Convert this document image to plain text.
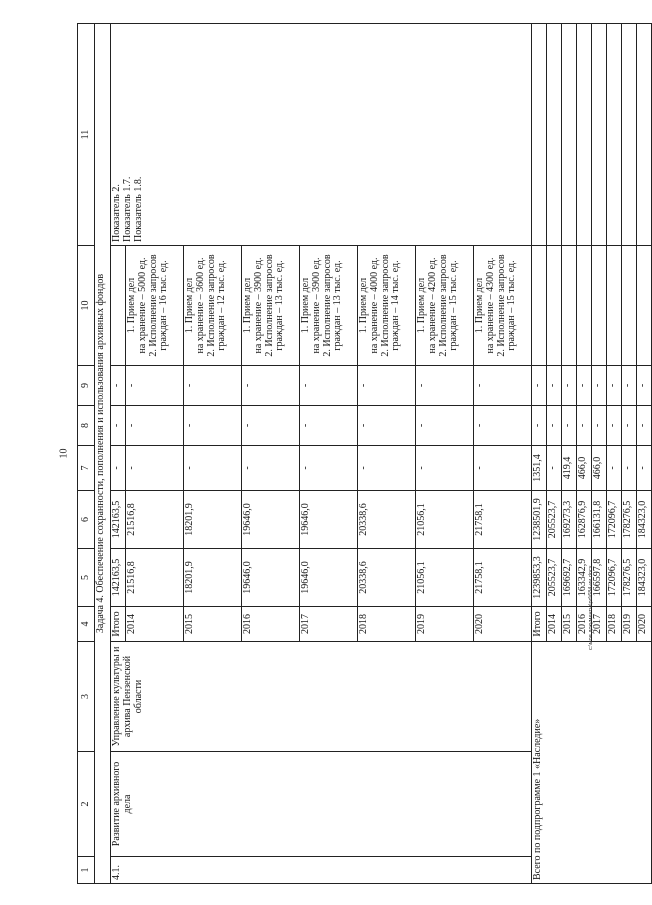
10
1	2	3	4	5	6	7	8	9	10	11
Задача 4. Обеспечение сохранности, пополнения и использования архивных фондов										
4.1.	Развитие архивного дела	Управление культуры и архива Пензенской области	Итого	142163,5	142163,5	-	-	-		Показатель 2. Показатель 1.7. Показатель 1.8.

			2014	21516,8	21516,8	-	-	-	1. Прием дел на хранение – 5000 ед. 2. Исполнение запросов граждан – 16 тыс. ед.	

			2015	18201,9	18201,9	-	-	-	1. Прием дел на хранение – 3600 ед. 2. Исполнение запросов граждан – 12 тыс. ед.	

			2016	19646,0	19646,0	-	-	-	1. Прием дел на хранение – 3900 ед. 2. Исполнение запросов граждан – 13 тыс. ед.	

			2017	19646,0	19646,0	-	-	-	1. Прием дел на хранение – 3900 ед. 2. Исполнение запросов граждан – 13 тыс. ед.	

			2018	20338,6	20338,6	-	-	-	1. Прием дел на хранение – 4000 ед. 2. Исполнение запросов граждан – 14 тыс. ед.	

			2019	21056,1	21056,1	-	-	-	1. Прием дел на хранение – 4200 ед. 2. Исполнение запросов граждан – 15 тыс. ед.	

			2020	21758,1	21758,1	-	-	-	1. Прием дел на хранение – 4300 ед. 2. Исполнение запросов граждан – 15 тыс. ед.	

Всего по подпрограмме 1 «Наследие»			Итого	1239853,3	1238501,9	1351,4	-	-		
			2014	205523,7	205523,7	-	-	-		
			2015	169692,7	169273,3	419,4	-	-		
			2016	163342,9	162876,9	466,0	-	-		
			2017	166597,8	166131,8	466,0	-	-		
			2018	172096,7	172096,7	-	-	-		
			2019	178276,5	178276,5	-	-	-		
			2020	184323,0	184323,0	-	-	-		
c:\мои документы\pd\684-ии.docx
